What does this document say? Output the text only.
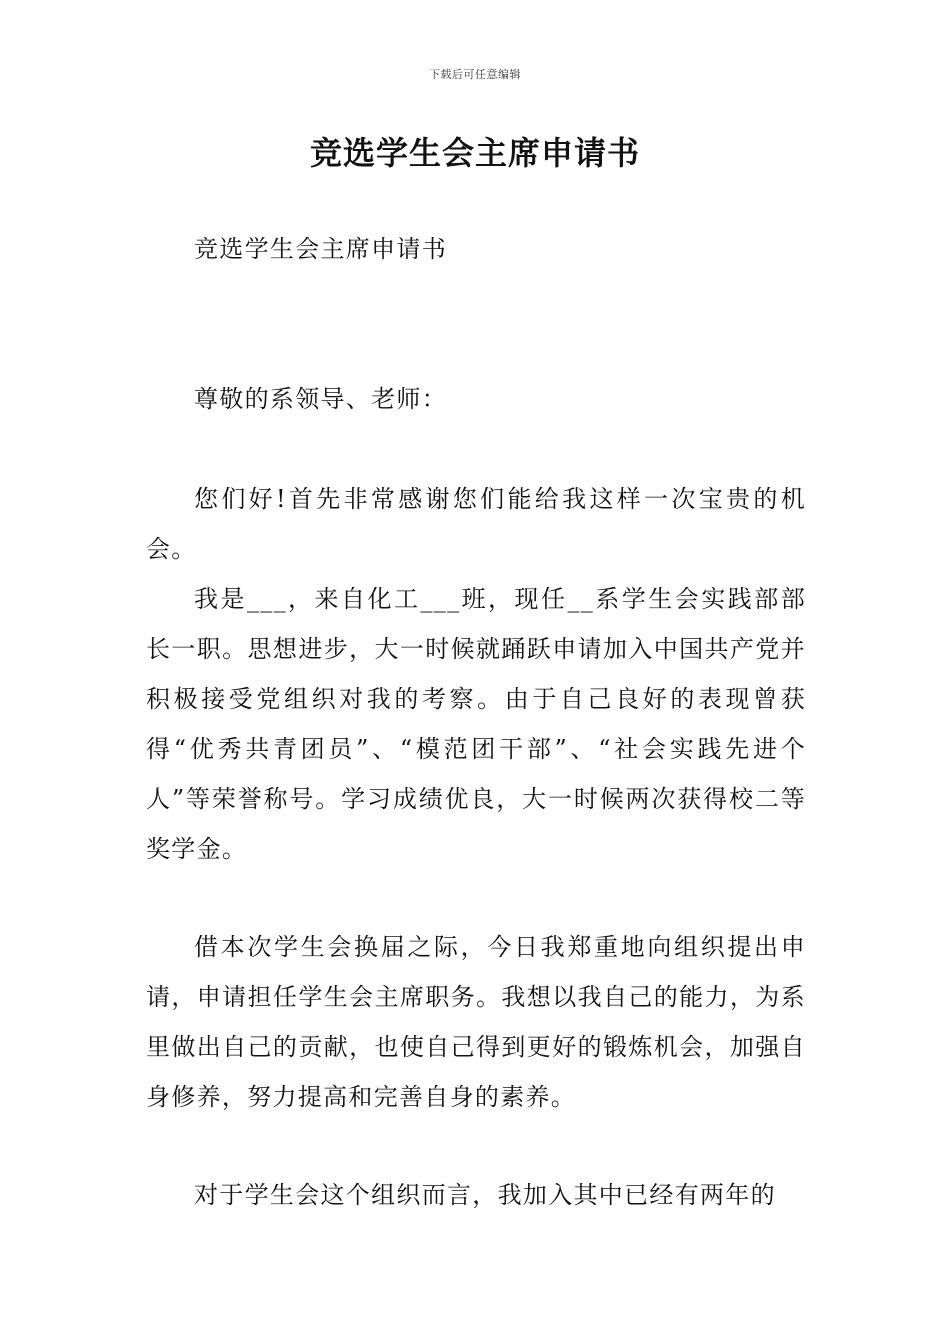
下载后可任意编辑
竞选学生会主席申请书

竞选学生会主席申请书

尊敬的系领导、老师：

您们好!首先非常感谢您们能给我这样一次宝贵的机会。

我是___，来自化工___班，现任__系学生会实践部部长一职。思想进步，大一时候就踊跃申请加入中国共产党并积极接受党组织对我的考察。由于自己良好的表现曾获得“优秀共青团员”、“模范团干部”、“社会实践先进个人”等荣誉称号。学习成绩优良，大一时候两次获得校二等奖学金。

借本次学生会换届之际，今日我郑重地向组织提出申请，申请担任学生会主席职务。我想以我自己的能力，为系里做出自己的贡献，也使自己得到更好的锻炼机会，加强自身修养，努力提高和完善自身的素养。

对于学生会这个组织而言，我加入其中已经有两年的
